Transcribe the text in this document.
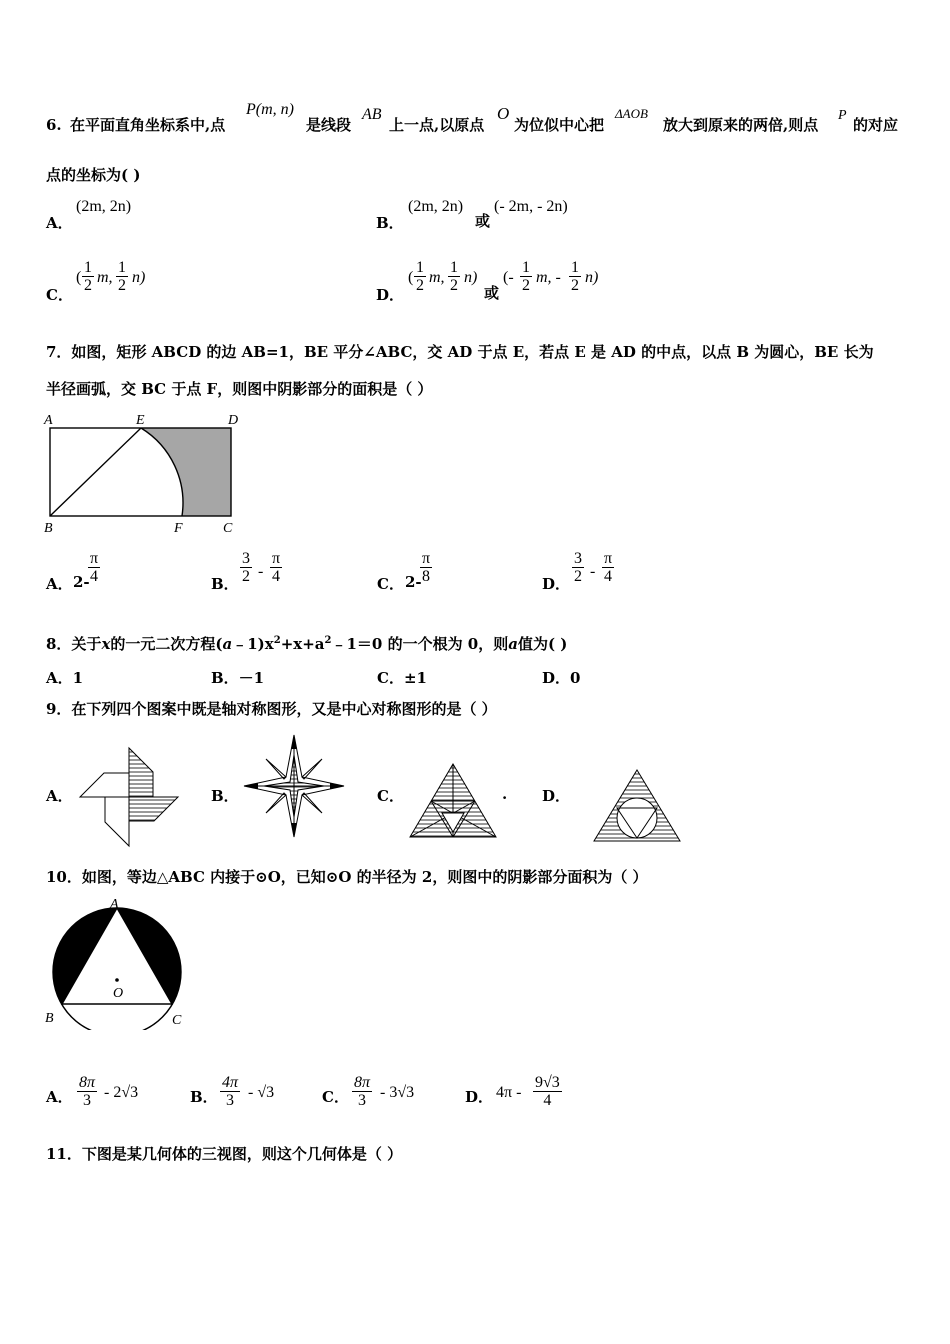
6. 在平面直角坐标系中,点
P(m, n)
是线段
AB
上一点,以原点
O
为位似中心把
ΔAOB
放大到原来的两倍,则点
P
的对应
点的坐标为( )
A．
(2m, 2n)
B．
(2m, 2n)
或
(- 2m, - 2n)
C．
( $\frac{1}{2} m$, $\frac{1}{2} n$)
D．
( $\frac{1}{2} m$, $\frac{1}{2} n$)
或
(- $\frac{1}{2} m$, - $\frac{1}{2} n$)
7．如图，矩形 ABCD 的边 AB=1，BE 平分∠ABC，交 AD 于点 E，若点 E 是 AD 的中点，以点 B 为圆心，BE 长为
半径画弧，交 BC 于点 F，则图中阴影部分的面积是（ ）
A	E	D
B	F	C
A． 2-
$\frac{\pi}{4}$	B． $\frac{3}{2} - \frac{\pi}{4}$	C． 2-
$\frac{\pi}{8}$	D． $\frac{3}{2} - \frac{\pi}{4}$
8．关于x的一元二次方程$(a﹣1)x^2+x+a^2﹣1=0$ 的一个根为 0，则a值为( )
A．1	B．－1	C．±1	D．0
9．在下列四个图案中既是轴对称图形，又是中心对称图形的是（ ）
A．	B．	C．	. D．
10．如图，等边△ABC 内接于⊙O，已知⊙O 的半径为 2，则图中的阴影部分面积为（ ）
A
O
B	C
A． $\frac{8\pi}{3} - 2√3$	B． $\frac{4\pi}{3} - √3$	C． $\frac{8\pi}{3} - 3√3$	D． $4\pi - \frac{9√3}{4}$
11．下图是某几何体的三视图，则这个几何体是（ ）
